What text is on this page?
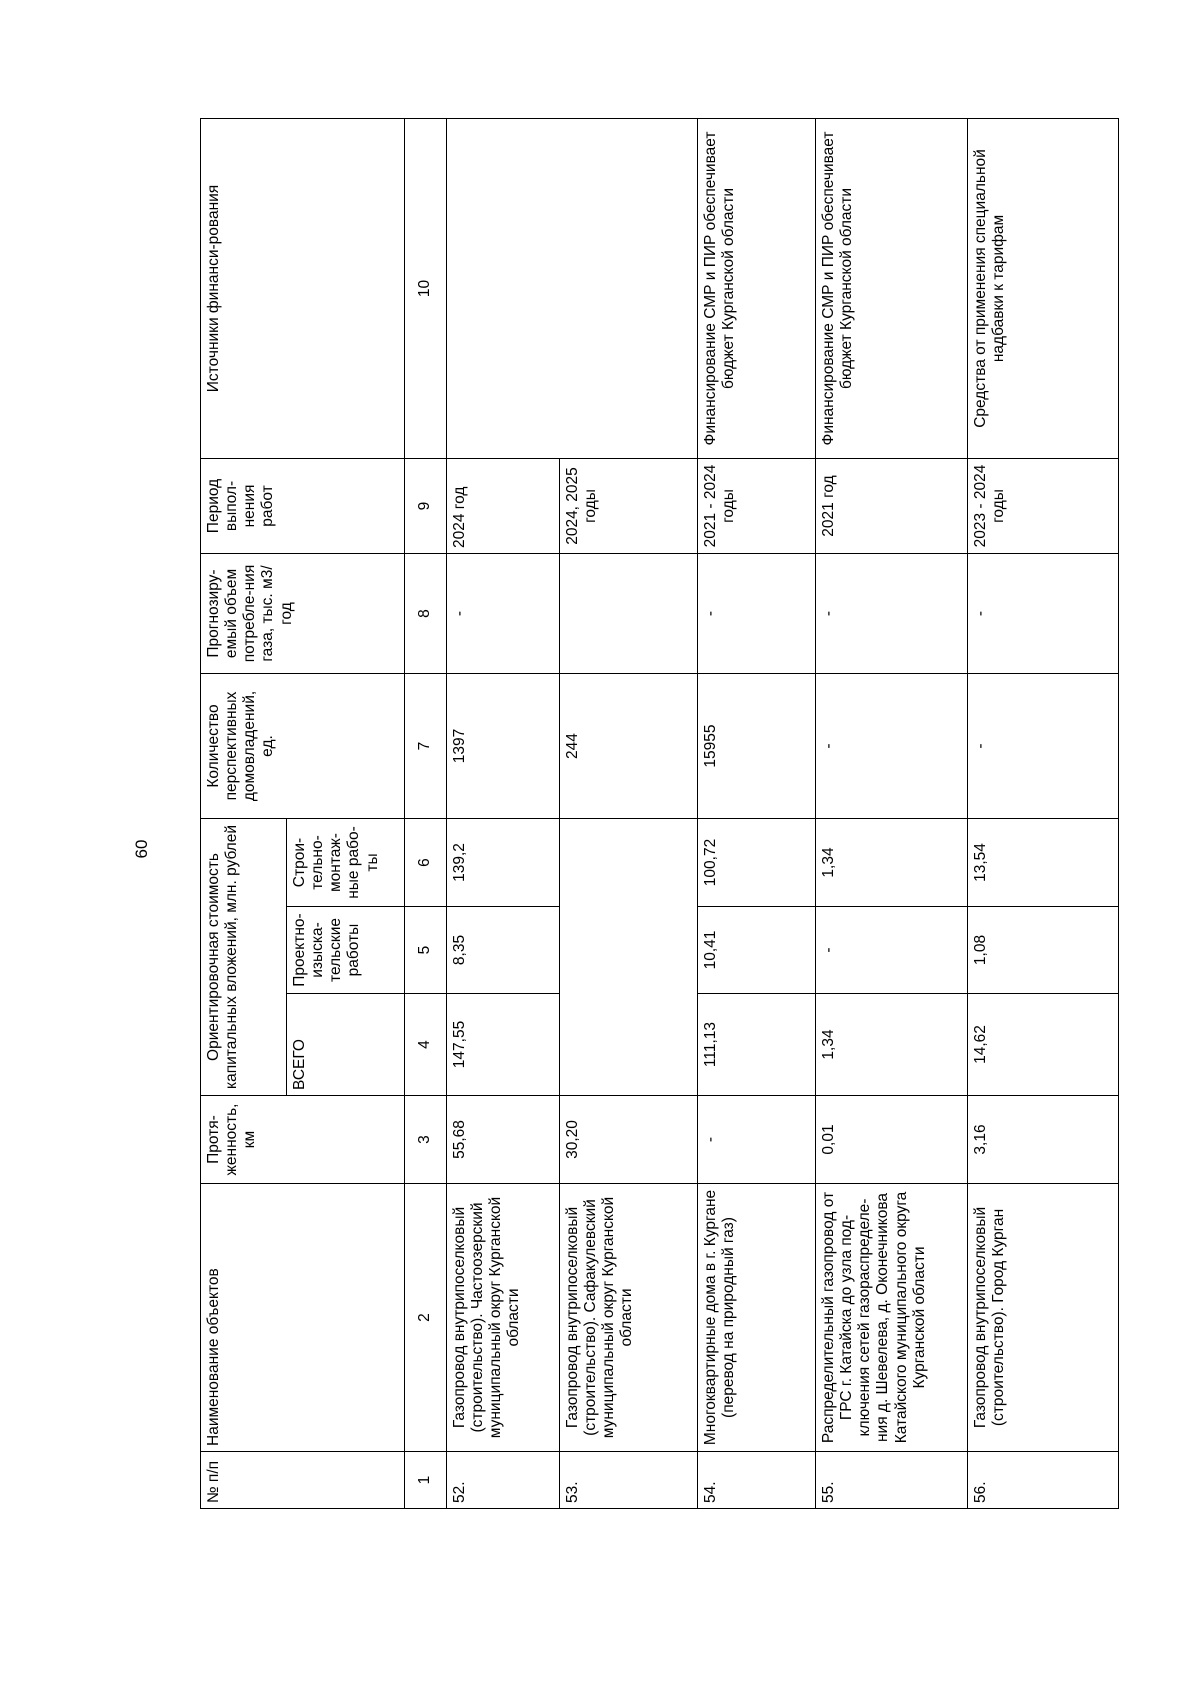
60
№ п/п	Наименование объектов	Протя-женность, км	Ориентировочная стоимость капитальных вложений, млн. рублей			Количество перспективных домовладений, ед.	Прогнозиру-емый объем потребле-ния газа, тыс. м3/год	Период выпол-нения работ	Источники финанси-рования
			ВСЕГО	Проектно-изыска-тельские работы	Строи-тельно-монтаж-ные рабо-ты				
1	2	3	4	5	6	7	8	9	10
52.	Газопровод внутрипоселковый (строительство). Частоозерский муниципальный округ Курганской области	55,68	147,55	8,35	139,2	1397	-	2024 год	
53.	Газопровод внутрипоселковый (строительство). Сафакулевский муниципальный округ Курганской области	30,20				244		2024, 2025 годы	
54.	Многоквартирные дома в г. Кургане (перевод на природный газ)	-	111,13	10,41	100,72	15955	-	2021 - 2024 годы	Финансирование СМР и ПИР обеспечивает бюджет Курганской области
55.	Распределительный газопровод от ГРС г. Катайска до узла под-ключения сетей газораспределе-ния д. Шевелева, д. Оконечникова Катайского муниципального округа Курганской области	0,01	1,34	-	1,34	-	-	2021 год	Финансирование СМР и ПИР обеспечивает бюджет Курганской области
56.	Газопровод внутрипоселковый (строительство). Город Курган	3,16	14,62	1,08	13,54	-	-	2023 - 2024 годы	Средства от применения специальной надбавки к тарифам
